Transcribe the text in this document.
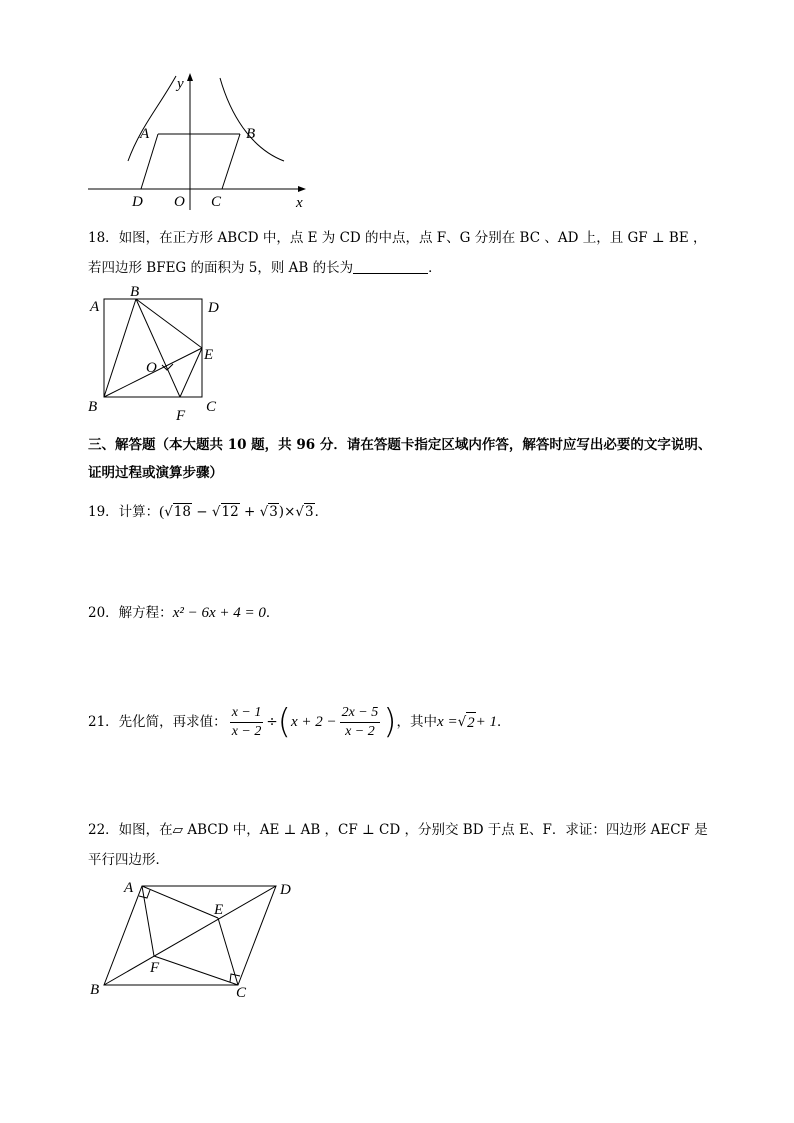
y
A	B
D O C	x
18．如图，在正方形 ABCD 中，点 E 为 CD 的中点，点 F、G 分别在 BC 、AD 上，且 GF ⊥ BE ，
若四边形 BFEG 的面积为 5，则 AB 的长为	．
A
B
D
E
O
B
F
C
三、解答题（本大题共 10 题，共 96 分．请在答题卡指定区域内作答，解答时应写出必要的文字说明、
证明过程或演算步骤）
19．计算：(√18 − √12 + √3)×√3．
20．解方程：x² − 6x + 4 = 0．
21．先化简，再求值： $\frac{x - 1}{x - 2}$ ÷ ( $x + 2 - \frac{2x - 5}{x - 2}$ ) ，其中 x = √ 2 + 1 ．
22．如图，在▱ ABCD 中，AE ⊥ AB ，CF ⊥ CD ，分别交 BD 于点 E、F．求证：四边形 AECF 是
平行四边形．
A	D
E
F
B	C
